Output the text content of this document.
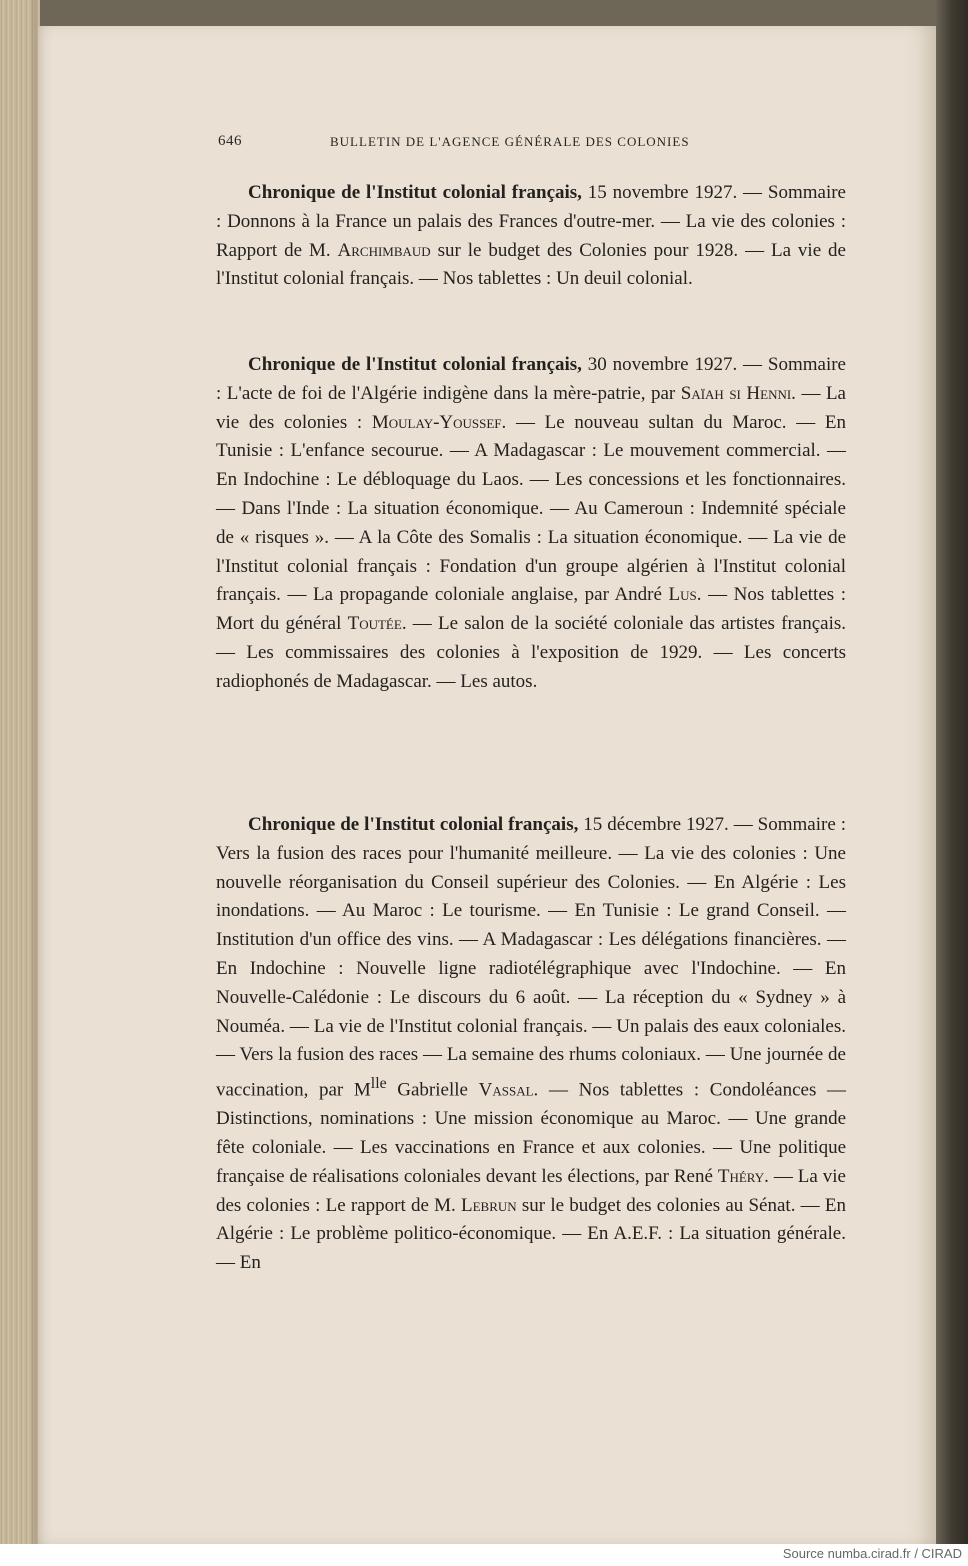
646	BULLETIN DE L'AGENCE GÉNÉRALE DES COLONIES

Chronique de l'Institut colonial français, 15 novembre 1927. — Sommaire : Donnons à la France un palais des Frances d'outre-mer. — La vie des colonies : Rapport de M. Archimbaud sur le budget des Colonies pour 1928. — La vie de l'Institut colonial français. — Nos tablettes : Un deuil colonial.

Chronique de l'Institut colonial français, 30 novembre 1927. — Sommaire : L'acte de foi de l'Algérie indigène dans la mère-patrie, par Saïah si Henni. — La vie des colonies : Moulay-Youssef. — Le nouveau sultan du Maroc. — En Tunisie : L'enfance secourue. — A Madagascar : Le mouvement commercial. — En Indochine : Le débloquage du Laos. — Les concessions et les fonctionnaires. — Dans l'Inde : La situation économique. — Au Cameroun : Indemnité spéciale de « risques ». — A la Côte des Somalis : La situation économique. — La vie de l'Institut colonial français : Fondation d'un groupe algérien à l'Institut colonial français. — La propagande coloniale anglaise, par André Lus. — Nos tablettes : Mort du général Toutée. — Le salon de la société coloniale das artistes français. — Les commissaires des colonies à l'exposition de 1929. — Les concerts radiophonés de Madagascar. — Les autos.

Chronique de l'Institut colonial français, 15 décembre 1927. — Sommaire : Vers la fusion des races pour l'humanité meilleure. — La vie des colonies : Une nouvelle réorganisation du Conseil supérieur des Colonies. — En Algérie : Les inondations. — Au Maroc : Le tourisme. — En Tunisie : Le grand Conseil. — Institution d'un office des vins. — A Madagascar : Les délégations financières. — En Indochine : Nouvelle ligne radiotélégraphique avec l'Indochine. — En Nouvelle-Calédonie : Le discours du 6 août. — La réception du « Sydney » à Nouméa. — La vie de l'Institut colonial français. — Un palais des eaux coloniales. — Vers la fusion des races — La semaine des rhums coloniaux. — Une journée de vaccination, par $M^{lle}$ Gabrielle Vassal. — Nos tablettes : Condoléances — Distinctions, nominations : Une mission économique au Maroc. — Une grande fête coloniale. — Les vaccinations en France et aux colonies. — Une politique française de réalisations coloniales devant les élections, par René Théry. — La vie des colonies : Le rapport de M. Lebrun sur le budget des colonies au Sénat. — En Algérie : Le problème politico-économique. — En A.E.F. : La situation générale. — En

Source numba.cirad.fr / CIRAD
